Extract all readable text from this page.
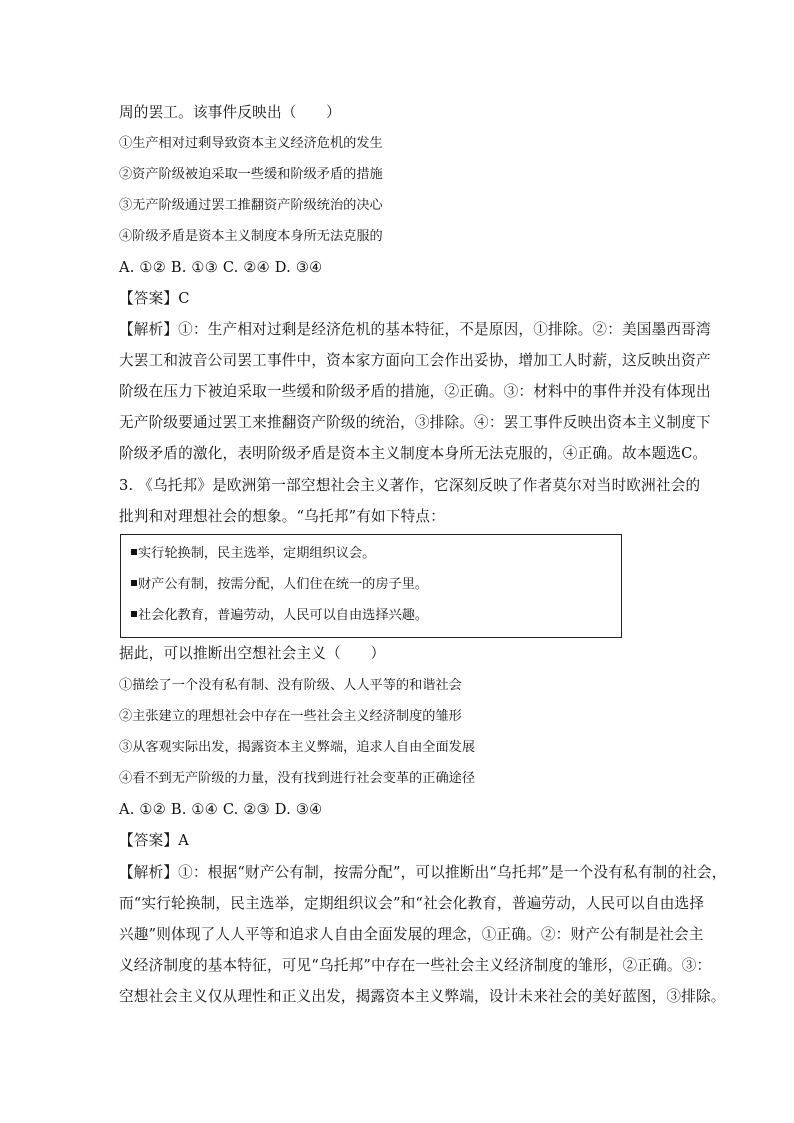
周的罢工。该事件反映出（　　）
①生产相对过剩导致资本主义经济危机的发生
②资产阶级被迫采取一些缓和阶级矛盾的措施
③无产阶级通过罢工推翻资产阶级统治的决心
④阶级矛盾是资本主义制度本身所无法克服的
A. ①② B. ①③ C. ②④ D. ③④
【答案】C
【解析】①：生产相对过剩是经济危机的基本特征，不是原因，①排除。②：美国墨西哥湾
大罢工和波音公司罢工事件中，资本家方面向工会作出妥协，增加工人时薪，这反映出资产
阶级在压力下被迫采取一些缓和阶级矛盾的措施，②正确。③：材料中的事件并没有体现出
无产阶级要通过罢工来推翻资产阶级的统治，③排除。④：罢工事件反映出资本主义制度下
阶级矛盾的激化，表明阶级矛盾是资本主义制度本身所无法克服的，④正确。故本题选C。
3. 《乌托邦》是欧洲第一部空想社会主义著作，它深刻反映了作者莫尔对当时欧洲社会的
批判和对理想社会的想象。“乌托邦”有如下特点：
实行轮换制，民主选举，定期组织议会。
财产公有制，按需分配，人们住在统一的房子里。
社会化教育，普遍劳动，人民可以自由选择兴趣。
据此，可以推断出空想社会主义（　　）
①描绘了一个没有私有制、没有阶级、人人平等的和谐社会
②主张建立的理想社会中存在一些社会主义经济制度的雏形
③从客观实际出发，揭露资本主义弊端，追求人自由全面发展
④看不到无产阶级的力量，没有找到进行社会变革的正确途径
A. ①② B. ①④ C. ②③ D. ③④
【答案】A
【解析】①：根据“财产公有制，按需分配”，可以推断出“乌托邦”是一个没有私有制的社会，
而“实行轮换制，民主选举，定期组织议会”和“社会化教育，普遍劳动，人民可以自由选择
兴趣”则体现了人人平等和追求人自由全面发展的理念，①正确。②：财产公有制是社会主
义经济制度的基本特征，可见“乌托邦”中存在一些社会主义经济制度的雏形，②正确。③：
空想社会主义仅从理性和正义出发，揭露资本主义弊端，设计未来社会的美好蓝图，③排除。
